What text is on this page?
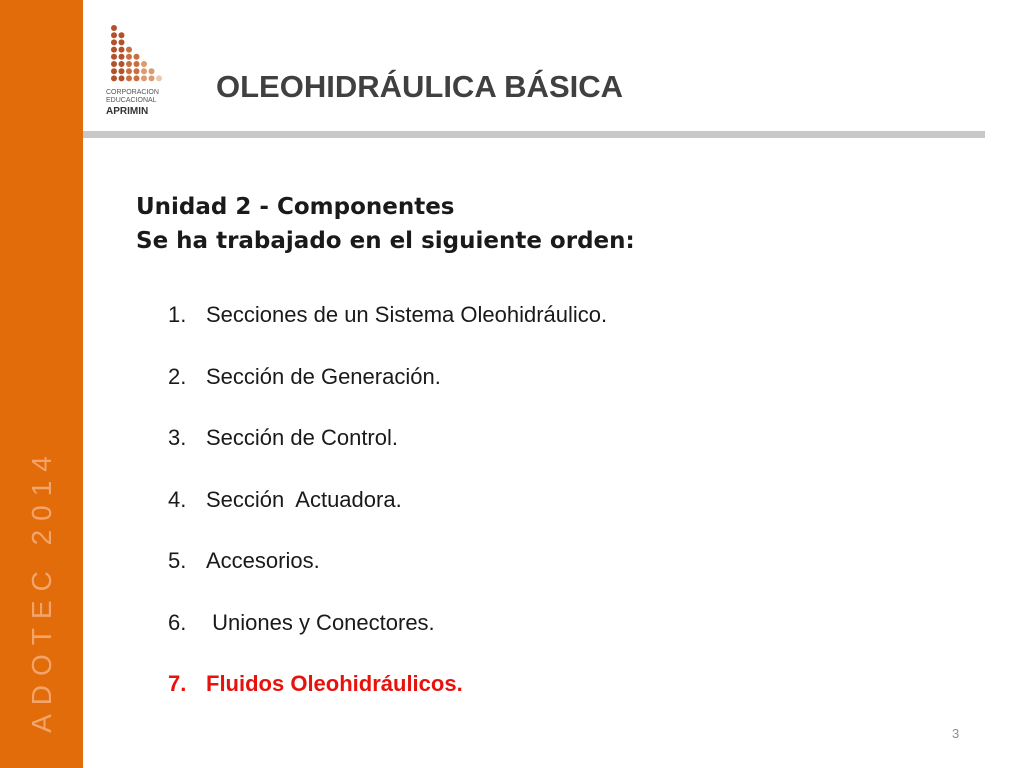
ADOTEC 2014
CORPORACION
EDUCACIONAL
APRIMIN
OLEOHIDRÁULICA BÁSICA
Unidad 2 - Componentes
Se ha trabajado en el siguiente orden:
1. Secciones de un Sistema Oleohidráulico.
2. Sección de Generación.
3. Sección de Control.
4. Sección  Actuadora.
5. Accesorios.
6. Uniones y Conectores.
7. Fluidos Oleohidráulicos.
3
